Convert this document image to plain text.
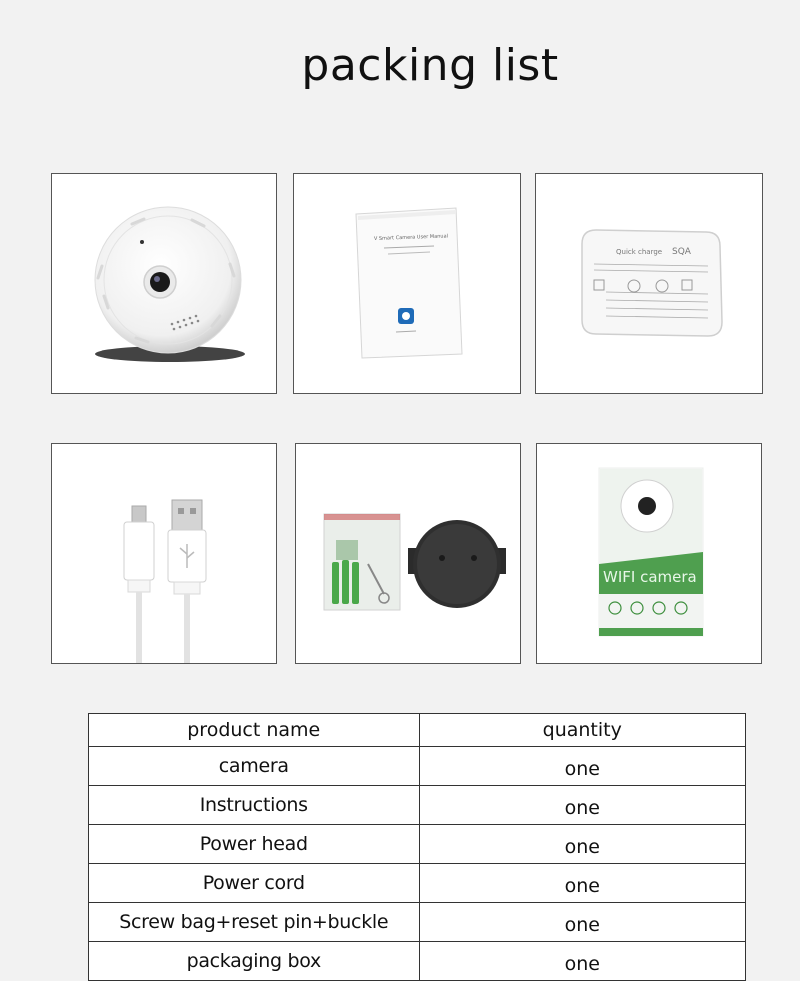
packing list
V Smart Camera User Manual
Quick charge SQA
WIFI camera
product name	quantity
camera	one
Instructions	one
Power head	one
Power cord	one
Screw bag+reset pin+buckle	one
packaging box	one
